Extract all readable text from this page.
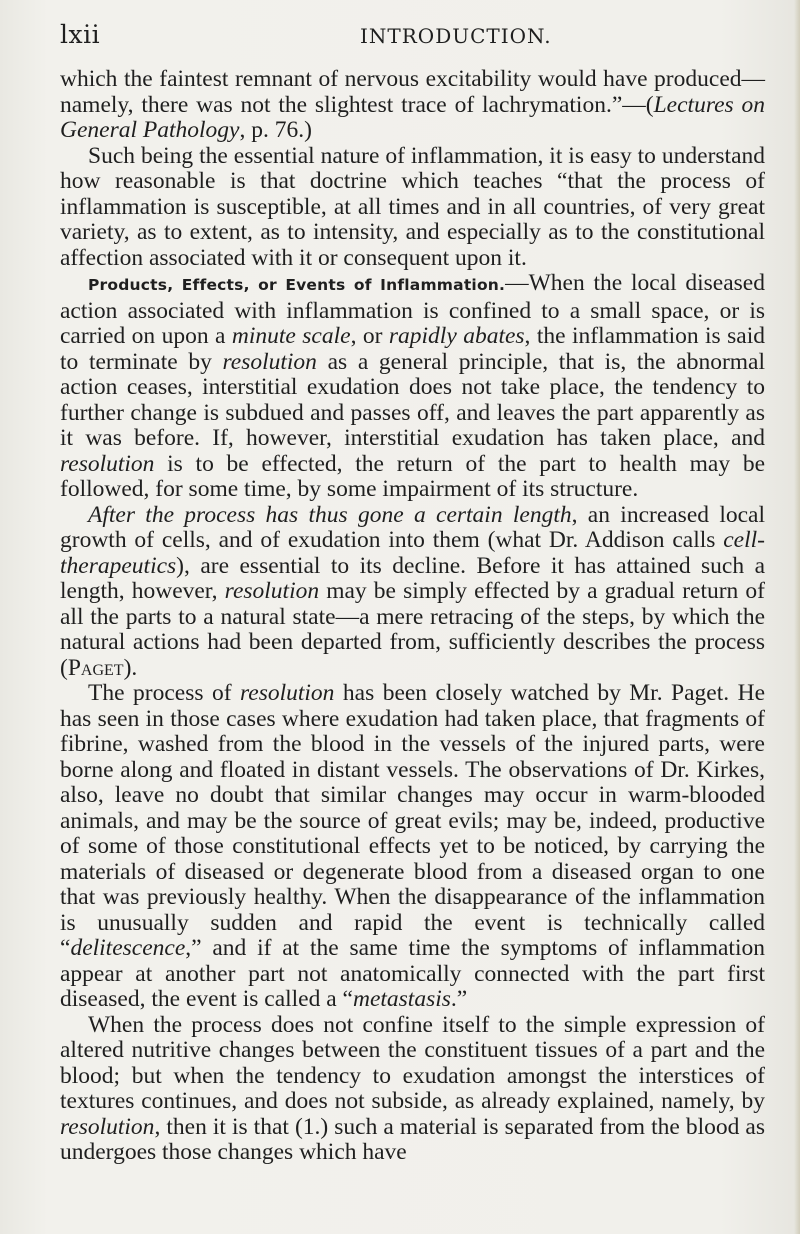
lxii	INTRODUCTION.

which the faintest remnant of nervous excitability would have produced—namely, there was not the slightest trace of lachrymation.”—(Lectures on General Pathology, p. 76.)

Such being the essential nature of inflammation, it is easy to understand how reasonable is that doctrine which teaches “that the process of inflammation is susceptible, at all times and in all countries, of very great variety, as to extent, as to intensity, and especially as to the constitutional affection associated with it or consequent upon it.

Products, Effects, or Events of Inflammation.—When the local diseased action associated with inflammation is confined to a small space, or is carried on upon a minute scale, or rapidly abates, the inflammation is said to terminate by resolution as a general principle, that is, the abnormal action ceases, interstitial exudation does not take place, the tendency to further change is subdued and passes off, and leaves the part apparently as it was before. If, however, interstitial exudation has taken place, and resolution is to be effected, the return of the part to health may be followed, for some time, by some impairment of its structure.

After the process has thus gone a certain length, an increased local growth of cells, and of exudation into them (what Dr. Addison calls cell-therapeutics), are essential to its decline. Before it has attained such a length, however, resolution may be simply effected by a gradual return of all the parts to a natural state—a mere retracing of the steps, by which the natural actions had been departed from, sufficiently describes the process (Paget).

The process of resolution has been closely watched by Mr. Paget. He has seen in those cases where exudation had taken place, that fragments of fibrine, washed from the blood in the vessels of the injured parts, were borne along and floated in distant vessels. The observations of Dr. Kirkes, also, leave no doubt that similar changes may occur in warm-blooded animals, and may be the source of great evils; may be, indeed, productive of some of those constitutional effects yet to be noticed, by carrying the materials of diseased or degenerate blood from a diseased organ to one that was previously healthy. When the disappearance of the inflammation is unusually sudden and rapid the event is technically called “delitescence,” and if at the same time the symptoms of inflammation appear at another part not anatomically connected with the part first diseased, the event is called a “metastasis.”

When the process does not confine itself to the simple expression of altered nutritive changes between the constituent tissues of a part and the blood; but when the tendency to exudation amongst the interstices of textures continues, and does not subside, as already explained, namely, by resolution, then it is that (1.) such a material is separated from the blood as undergoes those changes which have
